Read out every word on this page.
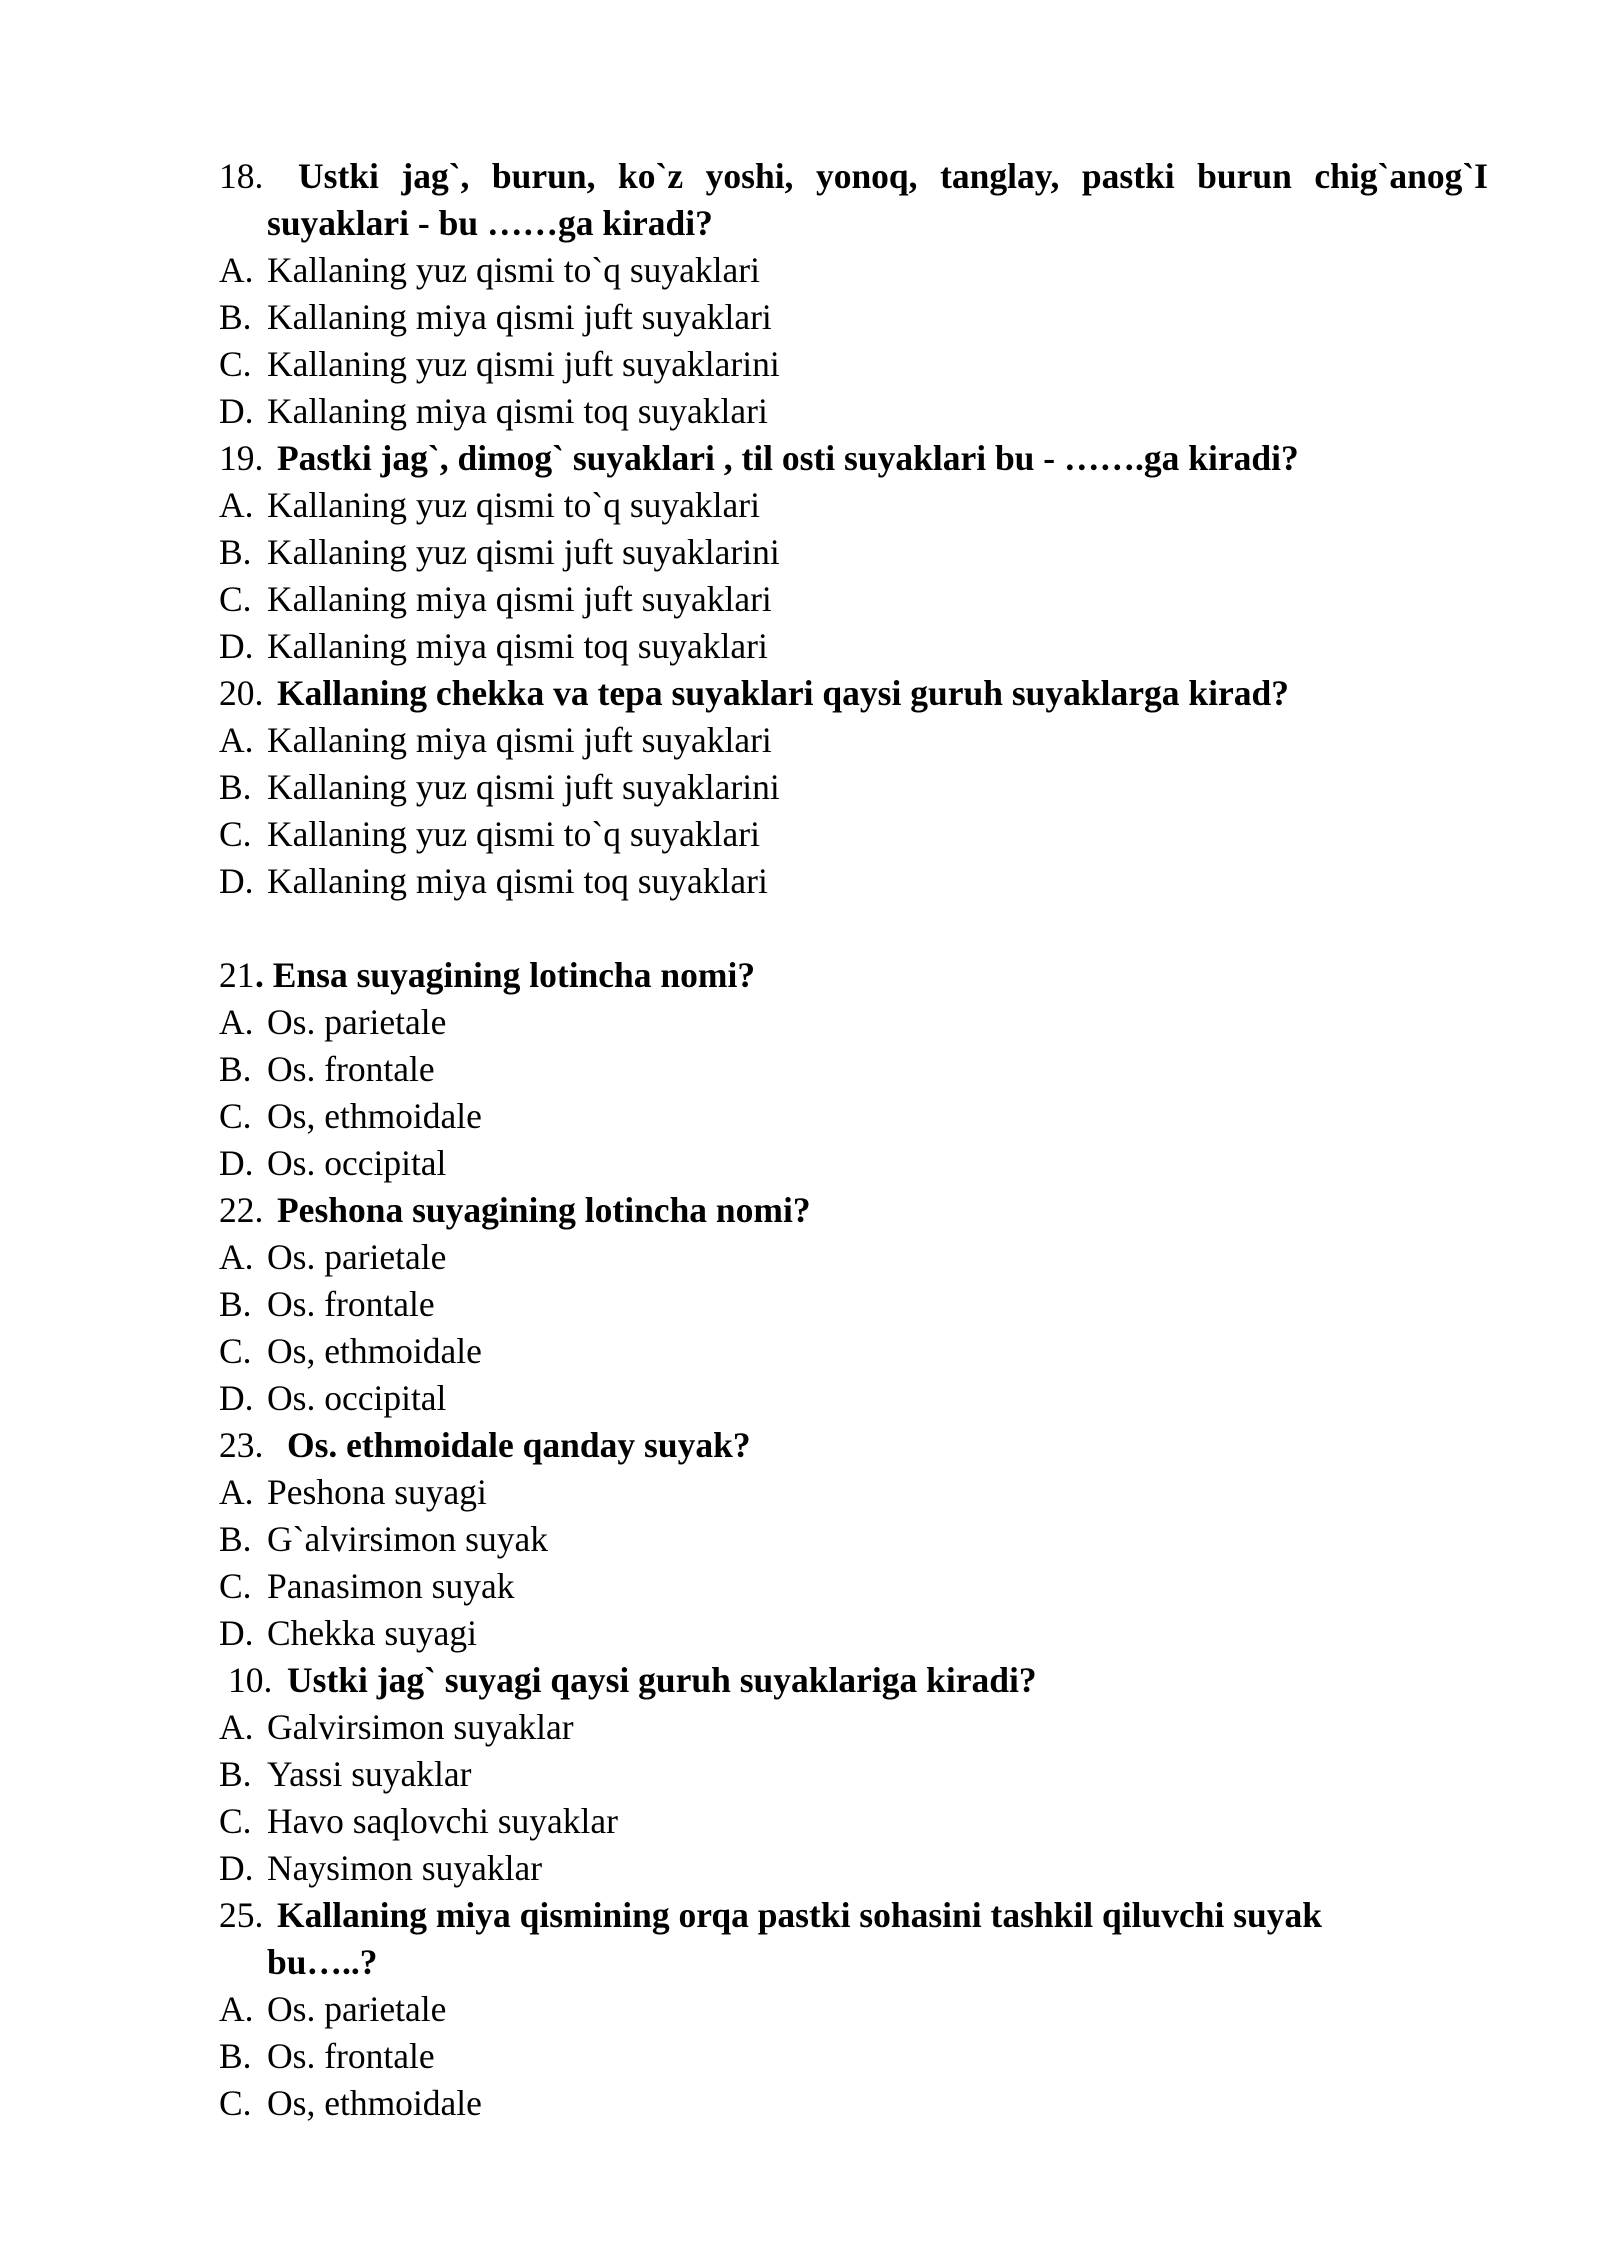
18. Ustki jag`, burun, ko`z yoshi, yonoq, tanglay, pastki burun chig`anog`I
suyaklari - bu ……ga kiradi?
A. Kallaning yuz qismi to`q suyaklari
B. Kallaning miya qismi juft suyaklari
C. Kallaning yuz qismi juft suyaklarini
D. Kallaning miya qismi toq suyaklari
19. Pastki jag`, dimog` suyaklari , til osti suyaklari bu - …….ga kiradi?
A. Kallaning yuz qismi to`q suyaklari
B. Kallaning yuz qismi juft suyaklarini
C. Kallaning miya qismi juft suyaklari
D. Kallaning miya qismi toq suyaklari
20. Kallaning chekka va tepa suyaklari qaysi guruh suyaklarga kirad?
A. Kallaning miya qismi juft suyaklari
B. Kallaning yuz qismi juft suyaklarini
C. Kallaning yuz qismi to`q suyaklari
D. Kallaning miya qismi toq suyaklari
21 . Ensa suyagining lotincha nomi?
A. Os. parietale
B. Os. frontale
C. Os, ethmoidale
D. Os. occipital
22. Peshona suyagining lotincha nomi?
A. Os. parietale
B. Os. frontale
C. Os, ethmoidale
D. Os. occipital
23. Os. ethmoidale qanday suyak?
A. Peshona suyagi
B. G`alvirsimon suyak
C. Panasimon suyak
D. Chekka suyagi
10. Ustki jag` suyagi qaysi guruh suyaklariga kiradi?
A. Galvirsimon suyaklar
B. Yassi suyaklar
C. Havo saqlovchi suyaklar
D. Naysimon suyaklar
25. Kallaning miya qismining orqa pastki sohasini tashkil qiluvchi suyak
bu…..?
A. Os. parietale
B. Os. frontale
C. Os, ethmoidale
